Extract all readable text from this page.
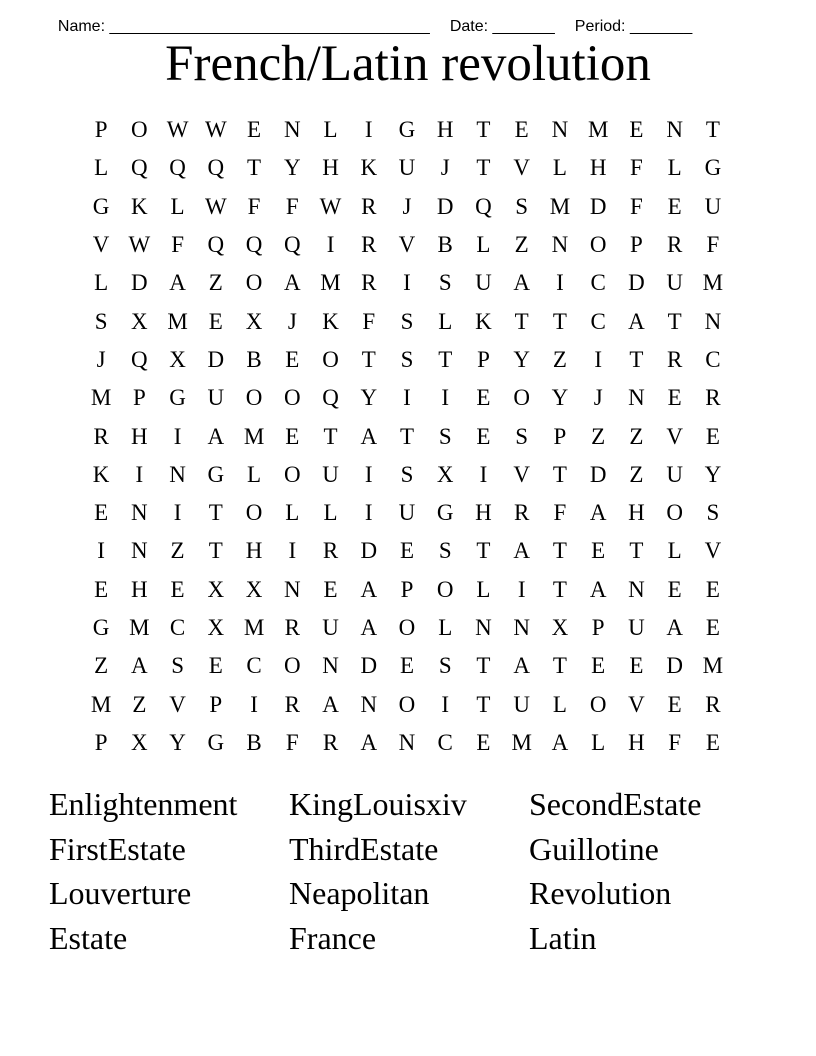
Name: ____________________________________ Date: _______ Period: _______

French/Latin revolution
P	O	W	W	E	N	L	I	G	H	T	E	N	M	E	N	T
L	Q	Q	Q	T	Y	H	K	U	J	T	V	L	H	F	L	G
G	K	L	W	F	F	W	R	J	D	Q	S	M	D	F	E	U
V	W	F	Q	Q	Q	I	R	V	B	L	Z	N	O	P	R	F
L	D	A	Z	O	A	M	R	I	S	U	A	I	C	D	U	M
S	X	M	E	X	J	K	F	S	L	K	T	T	C	A	T	N
J	Q	X	D	B	E	O	T	S	T	P	Y	Z	I	T	R	C
M	P	G	U	O	O	Q	Y	I	I	E	O	Y	J	N	E	R
R	H	I	A	M	E	T	A	T	S	E	S	P	Z	Z	V	E
K	I	N	G	L	O	U	I	S	X	I	V	T	D	Z	U	Y
E	N	I	T	O	L	L	I	U	G	H	R	F	A	H	O	S
I	N	Z	T	H	I	R	D	E	S	T	A	T	E	T	L	V
E	H	E	X	X	N	E	A	P	O	L	I	T	A	N	E	E
G	M	C	X	M	R	U	A	O	L	N	N	X	P	U	A	E
Z	A	S	E	C	O	N	D	E	S	T	A	T	E	E	D	M
M	Z	V	P	I	R	A	N	O	I	T	U	L	O	V	E	R
P	X	Y	G	B	F	R	A	N	C	E	M	A	L	H	F	E
Enlightenment	KingLouisxiv	SecondEstate
FirstEstate	ThirdEstate	Guillotine
Louverture	Neapolitan	Revolution
Estate	France	Latin
